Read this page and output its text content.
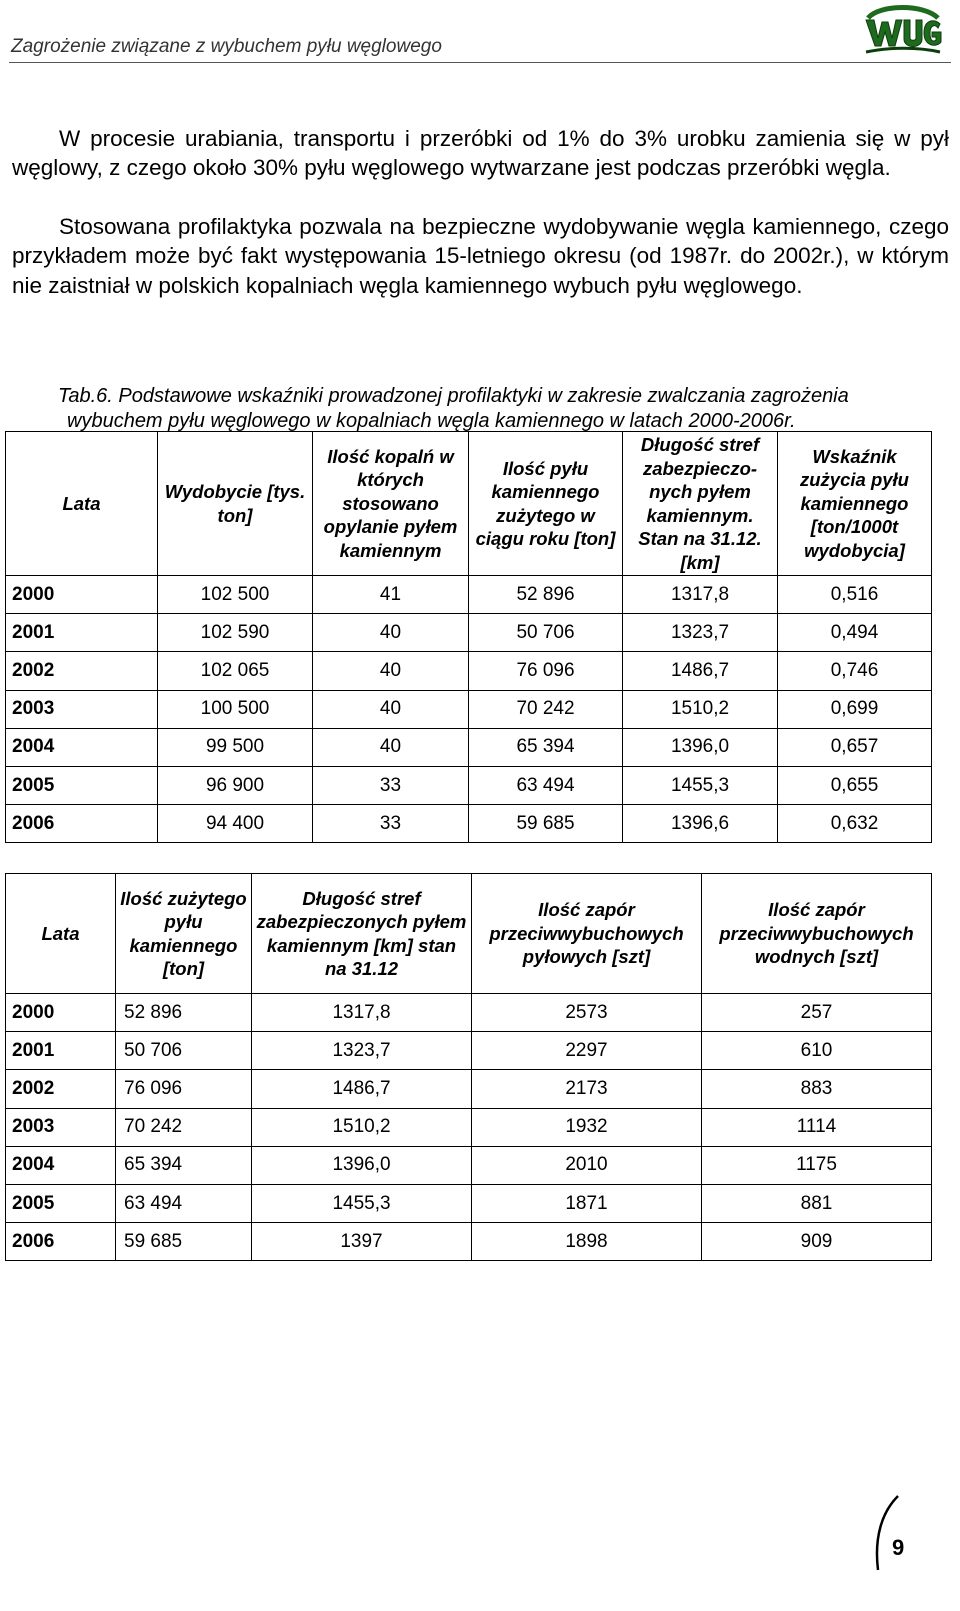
Zagrożenie związane z wybuchem pyłu węglowego
W procesie urabiania, transportu i przeróbki od 1% do 3% urobku zamienia się w pył węglowy, z czego około 30% pyłu węglowego wytwarzane jest podczas przeróbki węgla.
Stosowana profilaktyka pozwala na bezpieczne wydobywanie węgla kamiennego, czego przykładem może być fakt występowania 15-letniego okresu (od 1987r. do 2002r.), w którym nie zaistniał w polskich kopalniach węgla kamiennego wybuch pyłu węglowego.
Tab.6. Podstawowe wskaźniki prowadzonej profilaktyki w zakresie zwalczania zagrożenia
wybuchem pyłu węglowego w kopalniach węgla kamiennego w latach 2000-2006r.
Lata	Wydobycie [tys. ton]	Ilość kopalń w których stosowano opylanie pyłem kamiennym	Ilość pyłu kamiennego zużytego w ciągu roku [ton]	Długość stref zabezpieczo- nych pyłem kamiennym. Stan na 31.12. [km]	Wskaźnik zużycia pyłu kamiennego [ton/1000t wydobycia]
2000	102 500	41	52 896	1317,8	0,516
2001	102 590	40	50 706	1323,7	0,494
2002	102 065	40	76 096	1486,7	0,746
2003	100 500	40	70 242	1510,2	0,699
2004	99 500	40	65 394	1396,0	0,657
2005	96 900	33	63 494	1455,3	0,655
2006	94 400	33	59 685	1396,6	0,632
Lata	Ilość zużytego pyłu kamiennego [ton]	Długość stref zabezpieczonych pyłem kamiennym [km] stan na 31.12	Ilość zapór przeciwwybuchowych pyłowych [szt]	Ilość zapór przeciwwybuchowych wodnych [szt]
2000	52 896	1317,8	2573	257
2001	50 706	1323,7	2297	610
2002	76 096	1486,7	2173	883
2003	70 242	1510,2	1932	1114
2004	65 394	1396,0	2010	1175
2005	63 494	1455,3	1871	881
2006	59 685	1397	1898	909
9
